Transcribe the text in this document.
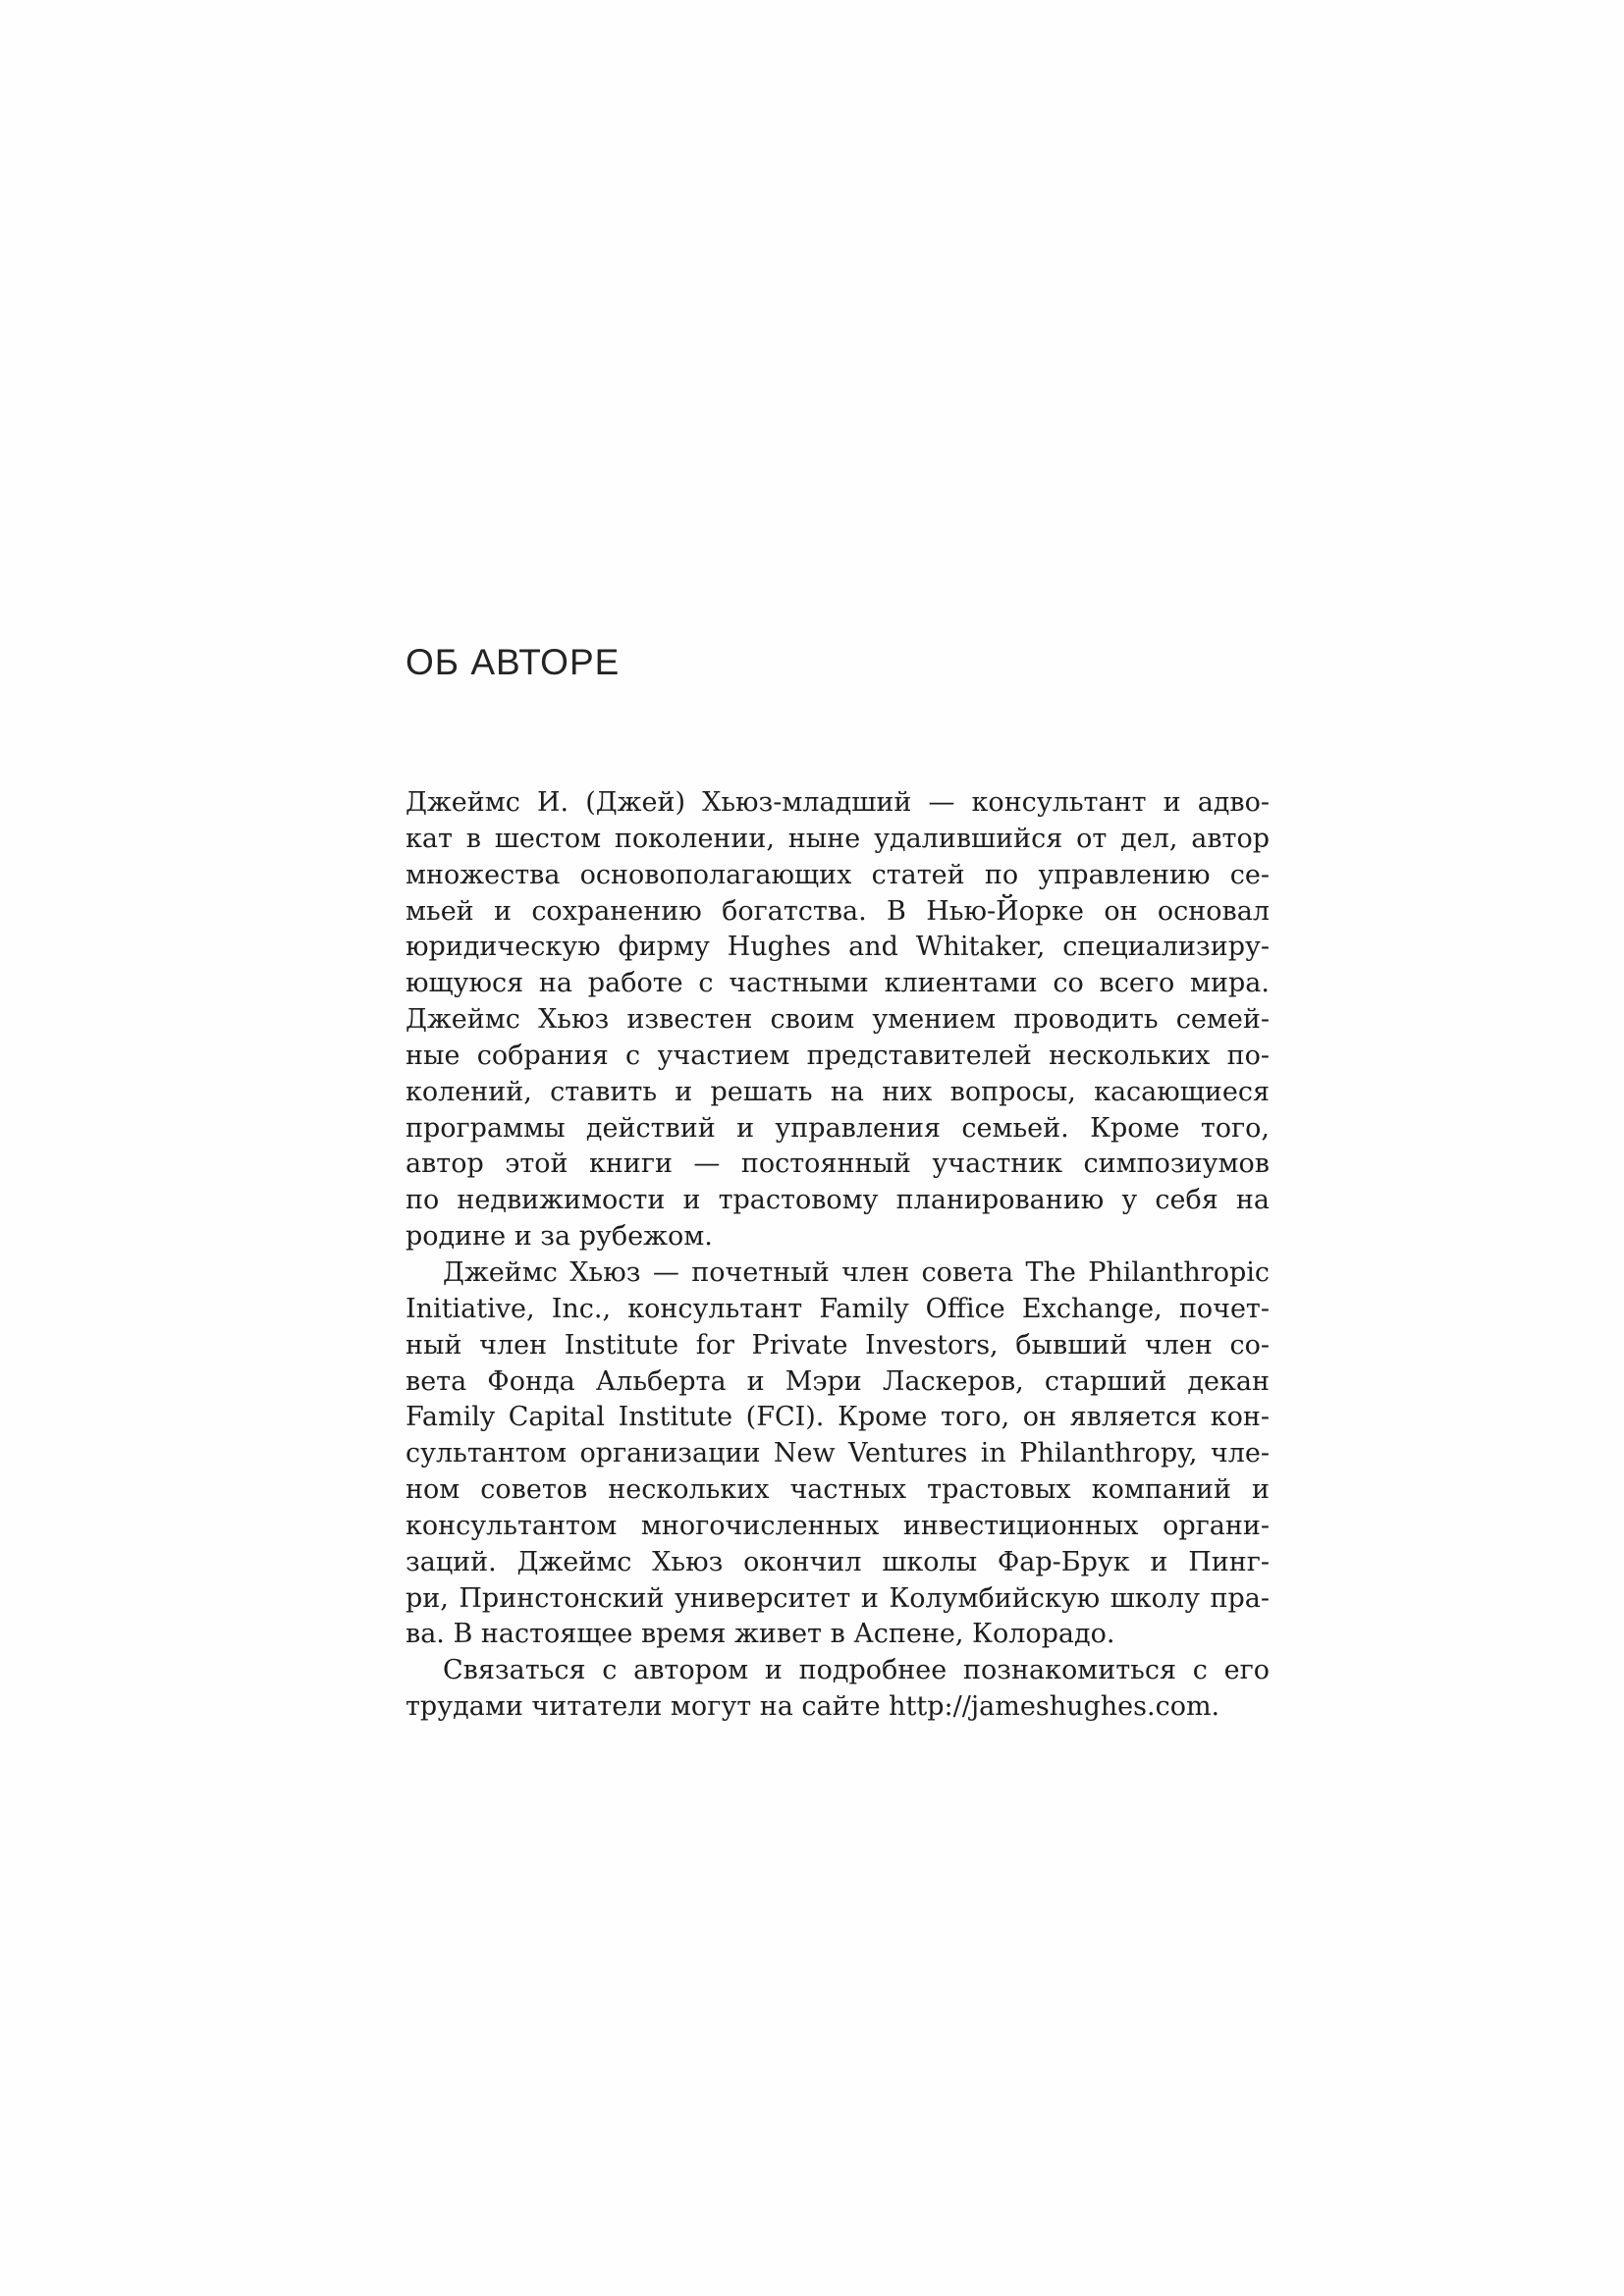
ОБ АВТОРЕ
Джеймс И. (Джей) Хьюз-младший — консультант и адво-
кат в шестом поколении, ныне удалившийся от дел, автор
множества основополагающих статей по управлению се-
мьей и сохранению богатства. В Нью-Йорке он основал
юридическую фирму Hughes and Whitaker, специализиру-
ющуюся на работе с частными клиентами со всего мира.
Джеймс Хьюз известен своим умением проводить семей-
ные собрания с участием представителей нескольких по-
колений, ставить и решать на них вопросы, касающиеся
программы действий и управления семьей. Кроме того,
автор этой книги — постоянный участник симпозиумов
по недвижимости и трастовому планированию у себя на
родине и за рубежом.
Джеймс Хьюз — почетный член совета The Philanthropic
Initiative, Inc., консультант Family Office Exchange, почет-
ный член Institute for Private Investors, бывший член со-
вета Фонда Альберта и Мэри Ласкеров, старший декан
Family Capital Institute (FCI). Кроме того, он является кон-
сультантом организации New Ventures in Philanthropy, чле-
ном советов нескольких частных трастовых компаний и
консультантом многочисленных инвестиционных органи-
заций. Джеймс Хьюз окончил школы Фар-Брук и Пинг-
ри, Принстонский университет и Колумбийскую школу пра-
ва. В настоящее время живет в Аспене, Колорадо.
Связаться с автором и подробнее познакомиться с его
трудами читатели могут на сайте http://jameshughes.com.
